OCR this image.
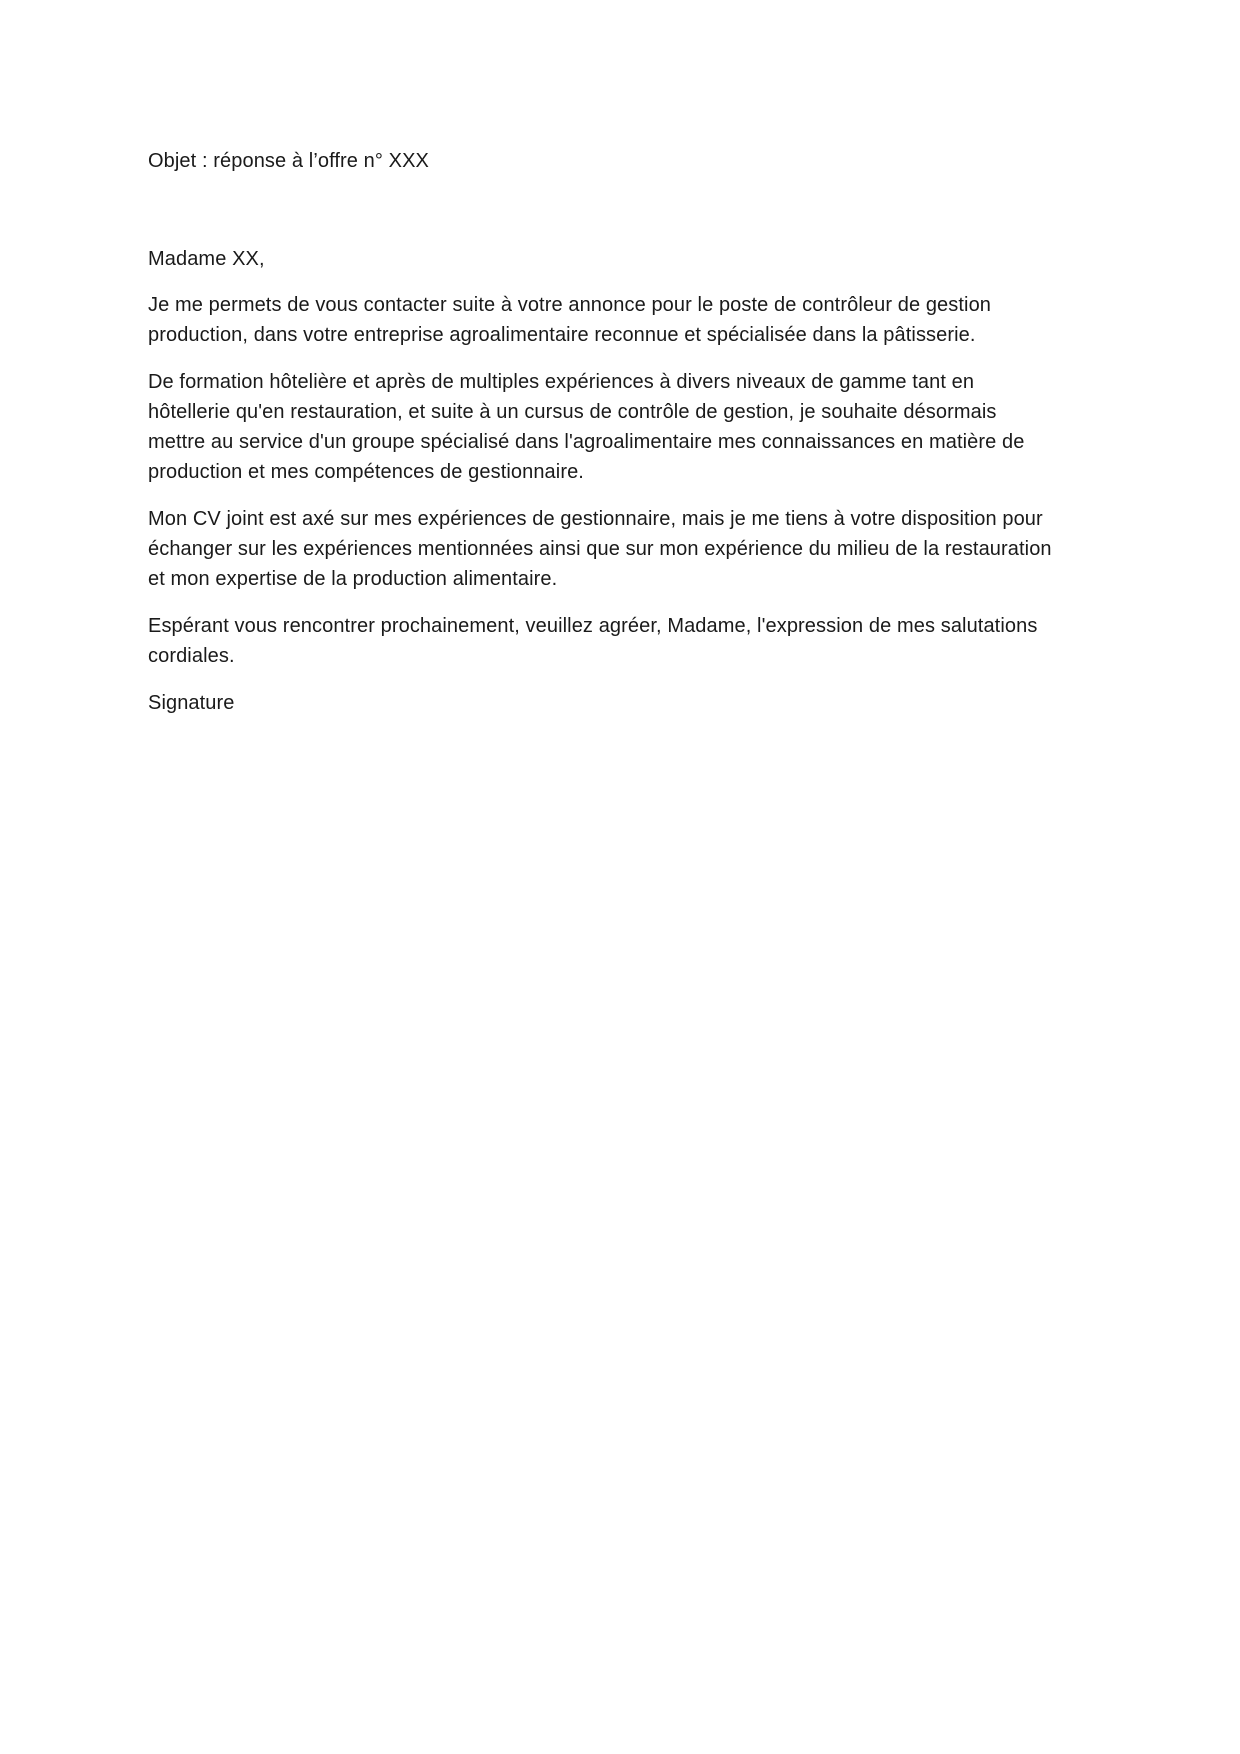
Objet : réponse à l’offre n° XXX
Madame XX,
Je me permets de vous contacter suite à votre annonce pour le poste de contrôleur de gestion
production, dans votre entreprise agroalimentaire reconnue et spécialisée dans la pâtisserie.
De formation hôtelière et après de multiples expériences à divers niveaux de gamme tant en
hôtellerie qu'en restauration, et suite à un cursus de contrôle de gestion, je souhaite désormais
mettre au service d'un groupe spécialisé dans l'agroalimentaire mes connaissances en matière de
production et mes compétences de gestionnaire.
Mon CV joint est axé sur mes expériences de gestionnaire, mais je me tiens à votre disposition pour
échanger sur les expériences mentionnées ainsi que sur mon expérience du milieu de la restauration
et mon expertise de la production alimentaire.
Espérant vous rencontrer prochainement, veuillez agréer, Madame, l'expression de mes salutations
cordiales.
Signature
